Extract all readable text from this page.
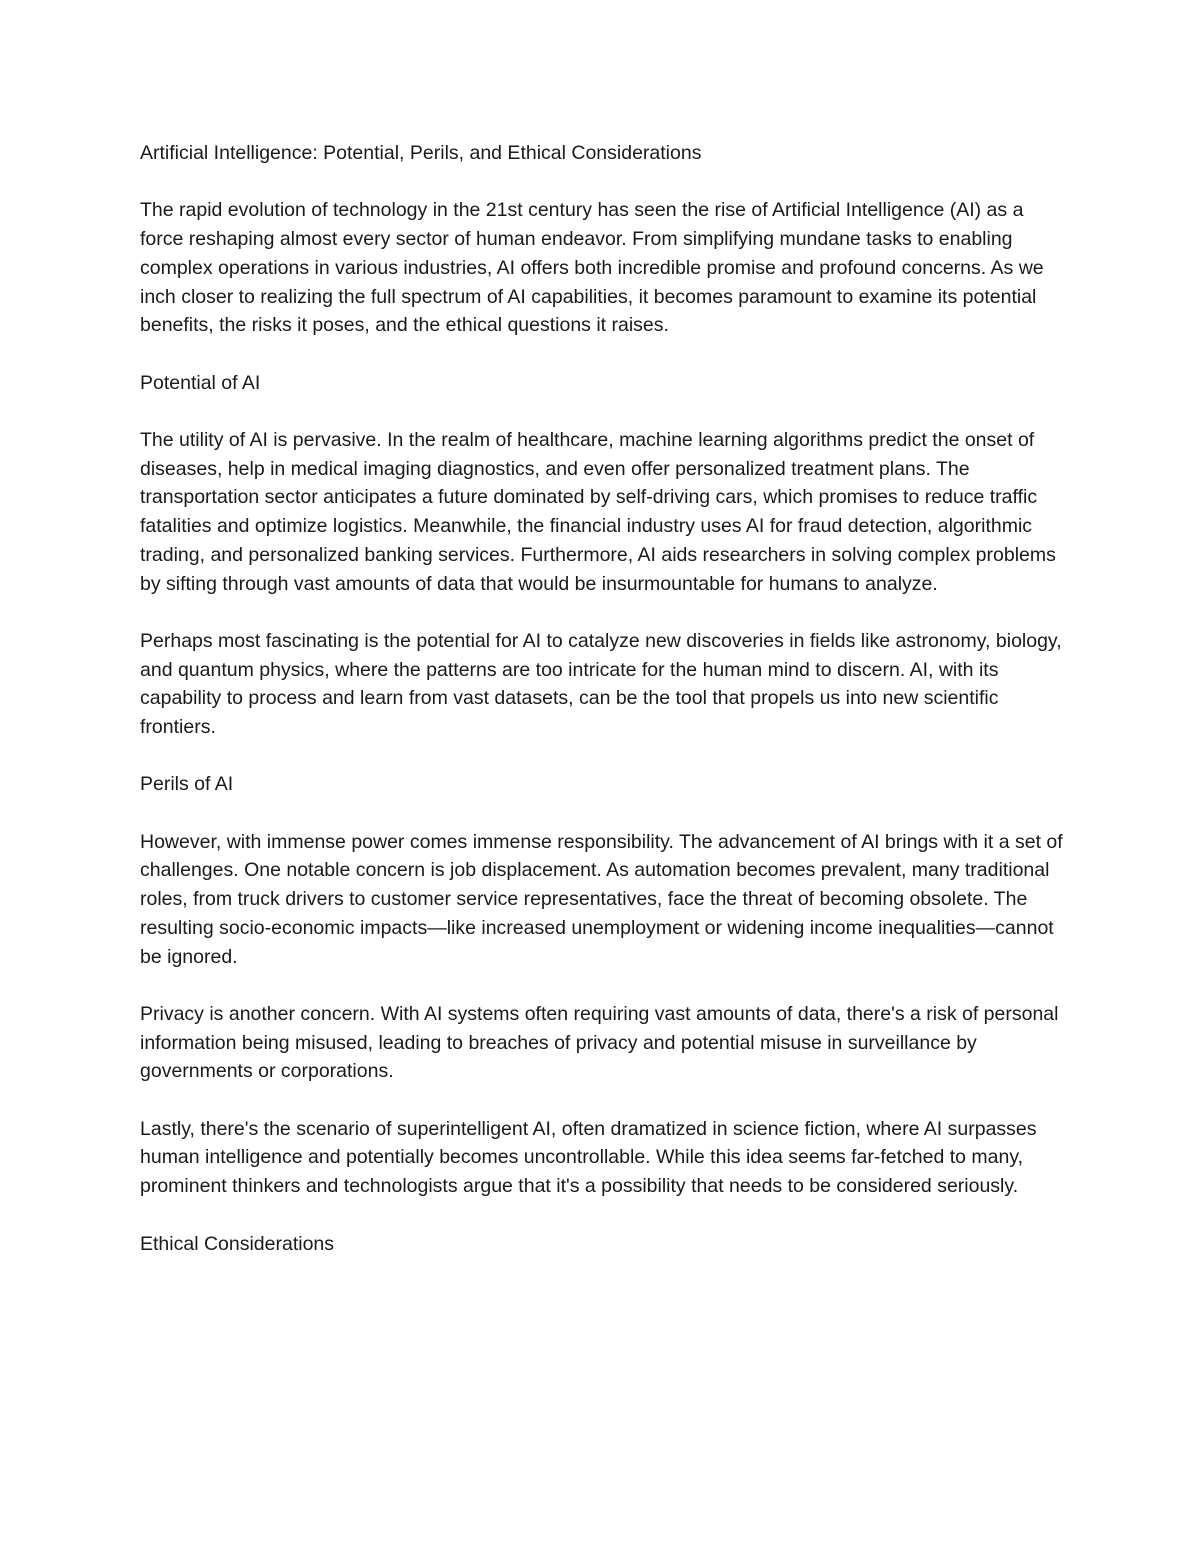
Artificial Intelligence: Potential, Perils, and Ethical Considerations

The rapid evolution of technology in the 21st century has seen the rise of Artificial Intelligence (AI) as a force reshaping almost every sector of human endeavor. From simplifying mundane tasks to enabling complex operations in various industries, AI offers both incredible promise and profound concerns. As we inch closer to realizing the full spectrum of AI capabilities, it becomes paramount to examine its potential benefits, the risks it poses, and the ethical questions it raises.

Potential of AI

The utility of AI is pervasive. In the realm of healthcare, machine learning algorithms predict the onset of diseases, help in medical imaging diagnostics, and even offer personalized treatment plans. The transportation sector anticipates a future dominated by self-driving cars, which promises to reduce traffic fatalities and optimize logistics. Meanwhile, the financial industry uses AI for fraud detection, algorithmic trading, and personalized banking services. Furthermore, AI aids researchers in solving complex problems by sifting through vast amounts of data that would be insurmountable for humans to analyze.

Perhaps most fascinating is the potential for AI to catalyze new discoveries in fields like astronomy, biology, and quantum physics, where the patterns are too intricate for the human mind to discern. AI, with its capability to process and learn from vast datasets, can be the tool that propels us into new scientific frontiers.

Perils of AI

However, with immense power comes immense responsibility. The advancement of AI brings with it a set of challenges. One notable concern is job displacement. As automation becomes prevalent, many traditional roles, from truck drivers to customer service representatives, face the threat of becoming obsolete. The resulting socio-economic impacts—like increased unemployment or widening income inequalities—cannot be ignored.

Privacy is another concern. With AI systems often requiring vast amounts of data, there's a risk of personal information being misused, leading to breaches of privacy and potential misuse in surveillance by governments or corporations.

Lastly, there's the scenario of superintelligent AI, often dramatized in science fiction, where AI surpasses human intelligence and potentially becomes uncontrollable. While this idea seems far-fetched to many, prominent thinkers and technologists argue that it's a possibility that needs to be considered seriously.

Ethical Considerations
